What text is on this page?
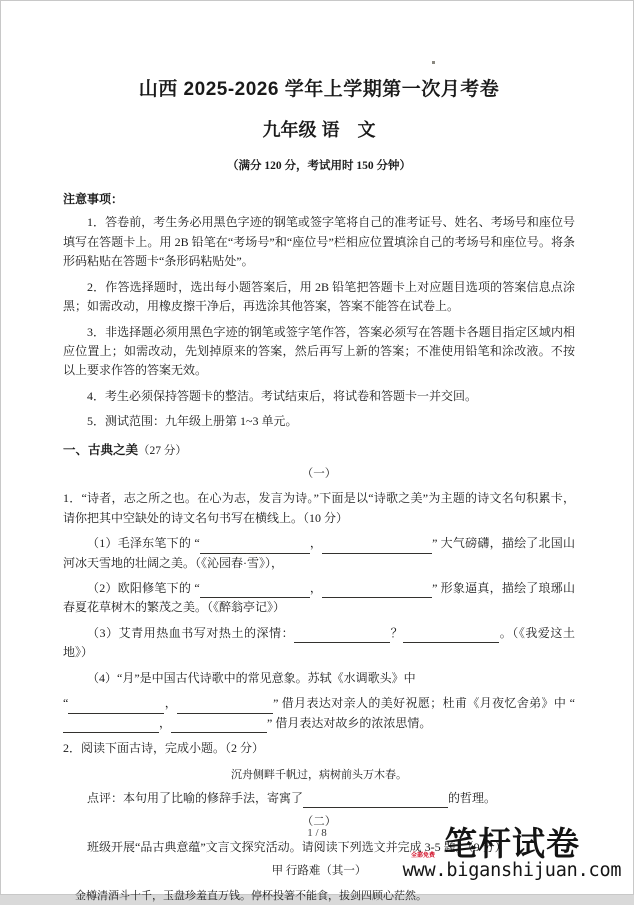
山西 2025-2026 学年上学期第一次月考卷
九年级 语　文

（满分 120 分，考试用时 150 分钟）

注意事项：

1．答卷前，考生务必用黑色字迹的钢笔或签字笔将自己的准考证号、姓名、考场号和座位号填写在答题卡上。用 2B 铅笔在“考场号”和“座位号”栏相应位置填涂自己的考场号和座位号。将条形码粘贴在答题卡“条形码粘贴处”。

2．作答选择题时，选出每小题答案后，用 2B 铅笔把答题卡上对应题目选项的答案信息点涂黑；如需改动，用橡皮擦干净后，再选涂其他答案，答案不能答在试卷上。

3．非选择题必须用黑色字迹的钢笔或签字笔作答，答案必须写在答题卡各题目指定区域内相应位置上；如需改动，先划掉原来的答案，然后再写上新的答案；不准使用铅笔和涂改液。不按以上要求作答的答案无效。

4．考生必须保持答题卡的整洁。考试结束后，将试卷和答题卡一并交回。

5．测试范围：九年级上册第 1~3 单元。

一、古典之美（27 分）

（一）

1．“诗者，志之所之也。在心为志，发言为诗。”下面是以“诗歌之美”为主题的诗文名句积累卡，请你把其中空缺处的诗文名句书写在横线上。（10 分）

（1）毛泽东笔下的 “	，	” 大气磅礴，描绘了北国山河冰天雪地的壮阔之美。（《沁园春·雪》），

（2）欧阳修笔下的 “	，	” 形象逼真，描绘了琅琊山春夏花草树木的繁茂之美。（《醉翁亭记》）

（3）艾青用热血书写对热土的深情：	？	。（《我爱这土地》）

（4）“月”是中国古代诗歌中的常见意象。苏轼《水调歌头》中

“	，	” 借月表达对亲人的美好祝愿；杜甫《月夜忆舍弟》中 “，	” 借月表达对故乡的浓浓思情。

2．阅读下面古诗，完成小题。（2 分）

沉舟侧畔千帆过，病树前头万木春。

点评：本句用了比喻的修辞手法，寄寓了	的哲理。

（二）

班级开展“品古典意蕴”文言文探究活动。请阅读下列选文并完成 3-5 题。（9 分）

甲 行路难（其一）

金樽清酒斗十千，玉盘珍羞直万钱。停杯投箸不能食，拔剑四顾心茫然。

1 / 8	笔杆试卷
www.biganshijuan.com
全部免费
